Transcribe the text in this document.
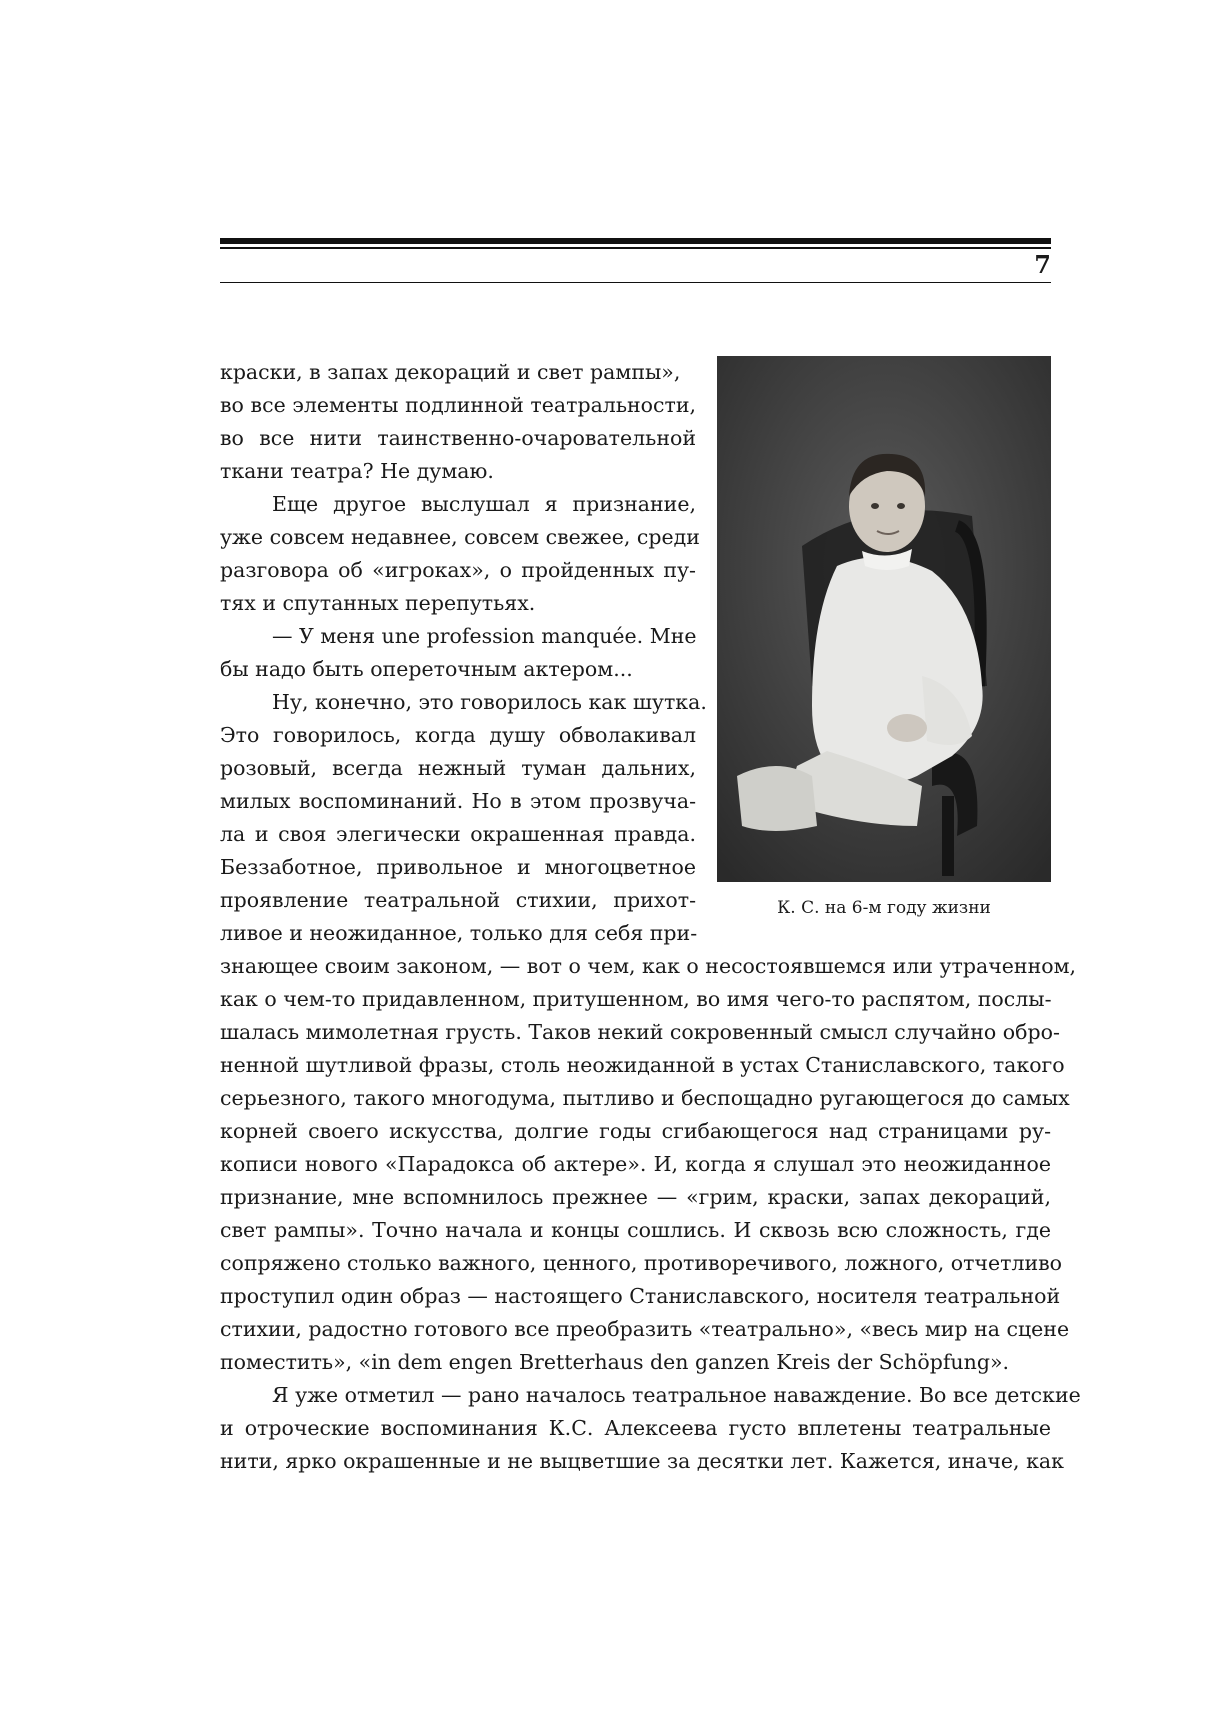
7
краски, в запах декораций и свет рампы»,
во все элементы подлинной театральности,
во все нити таинственно-очаровательной
ткани театра? Не думаю.
Еще другое выслушал я признание,
уже совсем недавнее, совсем свежее, среди
разговора об «игроках», о пройденных пу-
тях и спутанных перепутьях.
— У меня une profession manquée. Мне
бы надо быть опереточным актером...
Ну, конечно, это говорилось как шутка.
Это говорилось, когда душу обволакивал
розовый, всегда нежный туман дальних,
милых воспоминаний. Но в этом прозвуча-
ла и своя элегически окрашенная правда.
Беззаботное, привольное и многоцветное
проявление театральной стихии, прихот-
ливое и неожиданное, только для себя при-
знающее своим законом, — вот о чем, как о несостоявшемся или утраченном,
как о чем-то придавленном, притушенном, во имя чего-то распятом, послы-
шалась мимолетная грусть. Таков некий сокровенный смысл случайно обро-
ненной шутливой фразы, столь неожиданной в устах Станиславского, такого
серьезного, такого многодума, пытливо и беспощадно ругающегося до самых
корней своего искусства, долгие годы сгибающегося над страницами ру-
кописи нового «Парадокса об актере». И, когда я слушал это неожиданное
признание, мне вспомнилось прежнее — «грим, краски, запах декораций,
свет рампы». Точно начала и концы сошлись. И сквозь всю сложность, где
сопряжено столько важного, ценного, противоречивого, ложного, отчетливо
проступил один образ — настоящего Станиславского, носителя театральной
стихии, радостно готового все преобразить «театрально», «весь мир на сцене
поместить», «in dem engen Bretterhaus den ganzen Kreis der Schöpfung».
Я уже отметил — рано началось театральное наваждение. Во все детские
и отроческие воспоминания К.С. Алексеева густо вплетены театральные
нити, ярко окрашенные и не выцветшие за десятки лет. Кажется, иначе, как
К. С. на 6-м году жизни
